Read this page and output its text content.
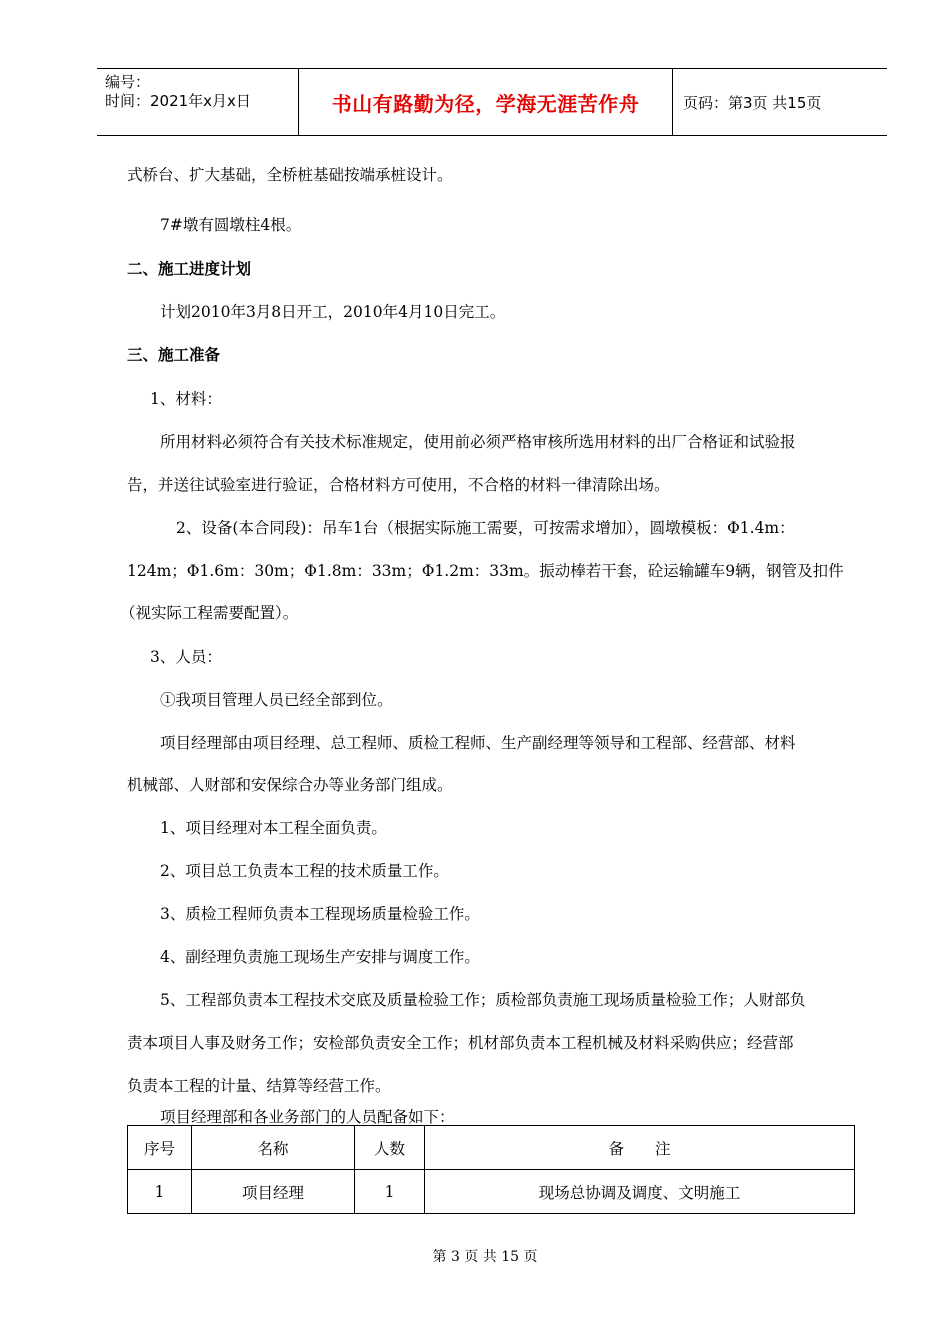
编号：
时间：2021年x月x日	书山有路勤为径，学海无涯苦作舟	页码：第3页 共15页
式桥台、扩大基础，全桥桩基础按端承桩设计。
7#墩有圆墩柱4根。
二、施工进度计划
计划2010年3月8日开工，2010年4月10日完工。
三、施工准备
1、材料：
所用材料必须符合有关技术标准规定，使用前必须严格审核所选用材料的出厂合格证和试验报
告，并送往试验室进行验证，合格材料方可使用，不合格的材料一律清除出场。
2、设备(本合同段)：吊车1台（根据实际施工需要，可按需求增加），圆墩模板：Φ1.4m：
124m；Φ1.6m：30m；Φ1.8m：33m；Φ1.2m：33m。振动棒若干套，砼运输罐车9辆，钢管及扣件
（视实际工程需要配置）。
3、人员：
①我项目管理人员已经全部到位。
项目经理部由项目经理、总工程师、质检工程师、生产副经理等领导和工程部、经营部、材料
机械部、人财部和安保综合办等业务部门组成。
1、项目经理对本工程全面负责。
2、项目总工负责本工程的技术质量工作。
3、质检工程师负责本工程现场质量检验工作。
4、副经理负责施工现场生产安排与调度工作。
5、工程部负责本工程技术交底及质量检验工作；质检部负责施工现场质量检验工作；人财部负
责本项目人事及财务工作；安检部负责安全工作；机材部负责本工程机械及材料采购供应；经营部
负责本工程的计量、结算等经营工作。
项目经理部和各业务部门的人员配备如下：
序号	名称	人数	备　　注
1	项目经理	1	现场总协调及调度、文明施工
第 3 页 共 15 页
